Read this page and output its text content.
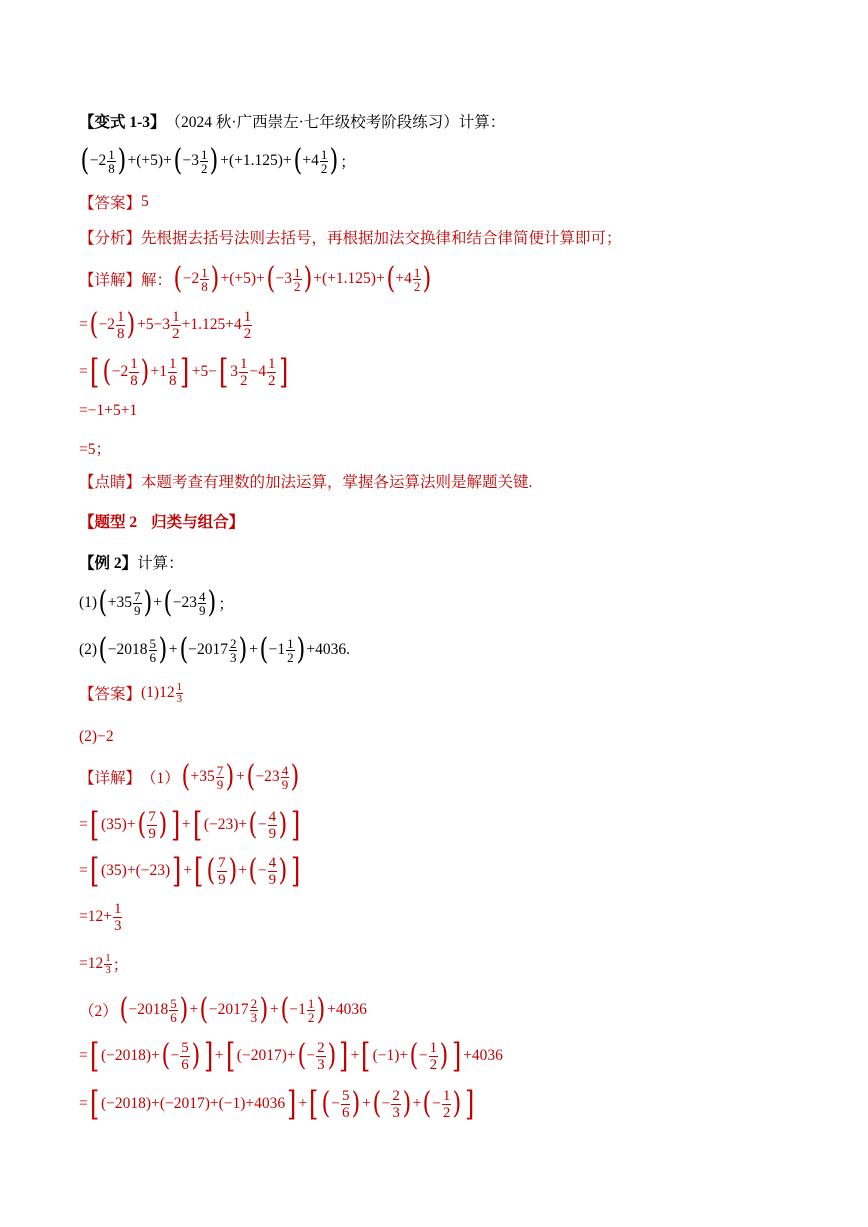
【变式 1-3】 （2024 秋·广西崇左·七年级校考阶段练习）计算：
( $-2 \frac{1}{8}$ ) + (+5) + ( $-3 \frac{1}{2}$ ) + (+1.125) + ( $+4 \frac{1}{2}$ ) ；
【答案】 5
【分析】 先根据去括号法则去括号，再根据加法交换律和结合律简便计算即可；
【详解】 解： ( $-2 \frac{1}{8}$ ) + (+5) + ( $-3 \frac{1}{2}$ ) + (+1.125) + ( $+4 \frac{1}{2}$ )
= ( $-2 \frac{1}{8}$ ) $+5-3 \frac{1}{2} +1.125+4 \frac{1}{2}$
= [ ( $-2 \frac{1}{8}$ ) $+1 \frac{1}{8}$ ] +5− [ $3 \frac{1}{2} -4 \frac{1}{2}$ ]
=−1+5+1
=5；
【点睛】 本题考查有理数的加法运算，掌握各运算法则是解题关键.
【题型 2 归类与组合】
【例 2】 计算：
(1) ( $+35 \frac{7}{9}$ ) + ( $-23 \frac{4}{9}$ ) ；
(2) ( $-2018 \frac{5}{6}$ ) + ( $-2017 \frac{2}{3}$ ) + ( $-1 \frac{1}{2}$ ) +4036.
【答案】 $(1)12 \frac{1}{3}$
(2)−2
【详解】 （1） ( $+35 \frac{7}{9}$ ) + ( $-23 \frac{4}{9}$ )
= [ (35)+ ( $\frac{7}{9}$ ) ] + [ (−23)+ ( − $\frac{4}{9}$ ) ]
= [ (35)+(−23) ] + [ ( $\frac{7}{9}$ ) + ( − $\frac{4}{9}$ ) ]
$=12+ \frac{1}{3}$
$=12 \frac{1}{3}$ ；
（2） ( $-2018 \frac{5}{6}$ ) + ( $-2017 \frac{2}{3}$ ) + ( $-1 \frac{1}{2}$ ) +4036
= [ (−2018)+ ( − $\frac{5}{6}$ ) ] + [ (−2017)+ ( − $\frac{2}{3}$ ) ] + [ (−1)+ ( − $\frac{1}{2}$ ) ] +4036
= [ (−2018)+(−2017)+(−1)+4036 ] + [ ( − $\frac{5}{6}$ ) + ( − $\frac{2}{3}$ ) + ( − $\frac{1}{2}$ ) ]
